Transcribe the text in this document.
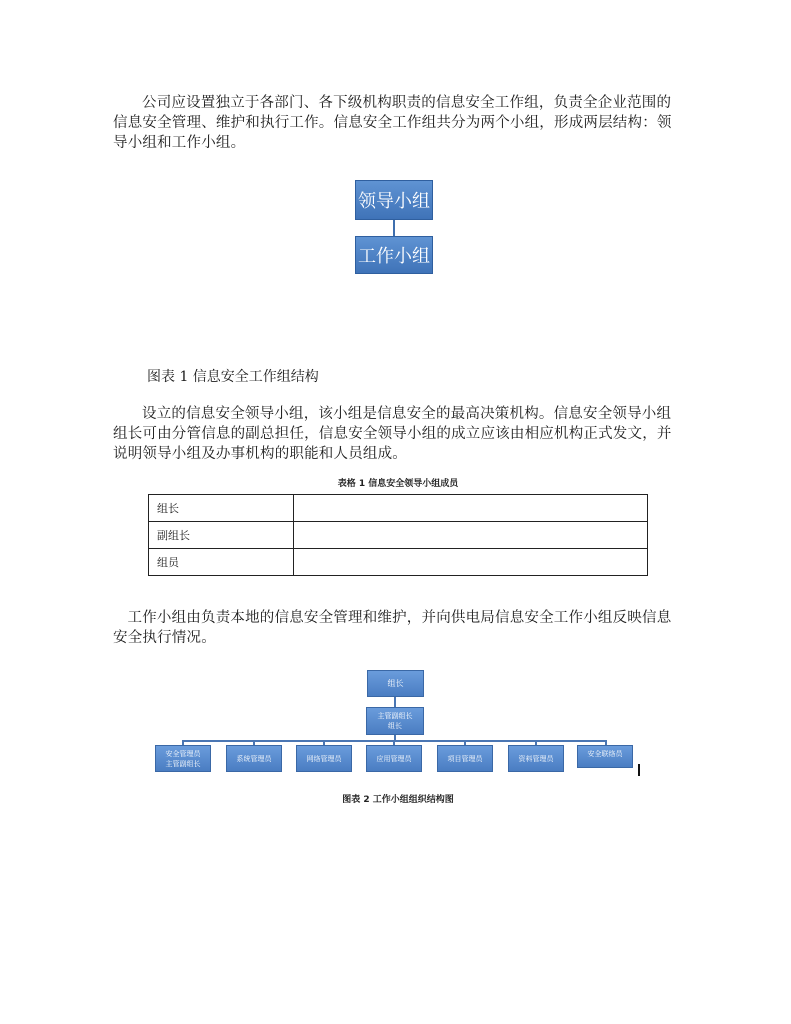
公司应设置独立于各部门、各下级机构职责的信息安全工作组，负责全企业范围的信息安全管理、维护和执行工作。信息安全工作组共分为两个小组，形成两层结构：领导小组和工作小组。

领导小组
工作小组

图表 1 信息安全工作组结构

设立的信息安全领导小组，该小组是信息安全的最高决策机构。信息安全领导小组组长可由分管信息的副总担任，信息安全领导小组的成立应该由相应机构正式发文，并说明领导小组及办事机构的职能和人员组成。

表格 1 信息安全领导小组成员
组长	
副组长	
组员	

工作小组由负责本地的信息安全管理和维护，并向供电局信息安全工作小组反映信息安全执行情况。

组长
主管副组长
组长
安全管理员
主管副组长
系统管理员	网络管理员	应用管理员	项目管理员	资料管理员
安全联络员
图表 2 工作小组组织结构图
